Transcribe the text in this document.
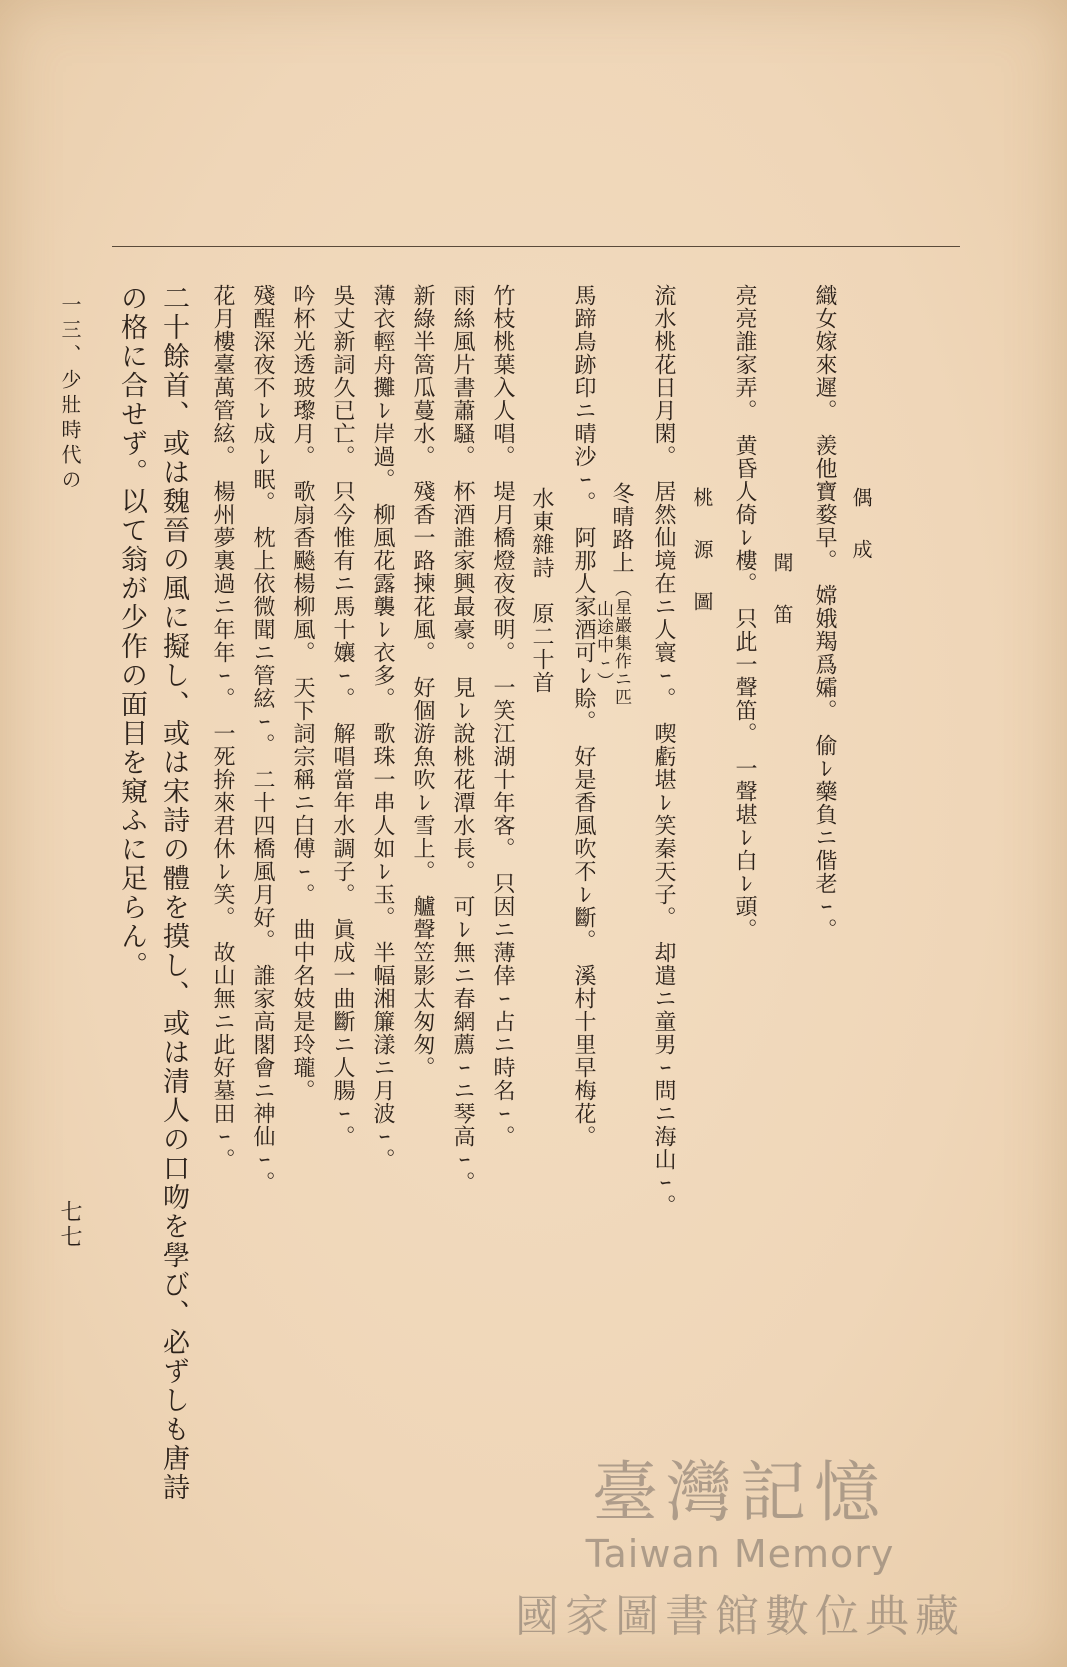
偶　成
織女嫁來遲。　羨他寶婺早。　嫦娥羯爲孀。　偷ﾚ藥負ニ偕老ｰ。
聞　笛
亮亮誰家弄。　黄昏人倚ﾚ樓。　只此一聲笛。　一聲堪ﾚ白ﾚ頭。
桃　源　圖
流水桃花日月閑。　居然仙境在ニ人寰ｰ。　喫虧堪ﾚ笑秦天子。　却遣ニ童男ｰ問ニ海山ｰ。
冬晴路上
（星巖集作ニ匹
山途中ｰ）
馬蹄鳥跡印ニ晴沙ｰ。　阿那人家酒可ﾚ賒。　好是香風吹不ﾚ斷。　溪村十里早梅花。
水東雜詩　原二十首
竹枝桃葉入人唱。　堤月橋燈夜夜明。　一笑江湖十年客。　只因ニ薄倖ｰ占ニ時名ｰ。
雨絲風片書蕭騷。　杯酒誰家興最豪。　見ﾚ說桃花潭水長。　可ﾚ無ニ春網薦ｰニ琴高ｰ。
新綠半篙瓜蔓水。　殘香一路揀花風。　好個游魚吹ﾚ雪上。　艫聲笠影太匆匆。
薄衣輕舟攤ﾚ岸過。　柳風花露襲ﾚ衣多。　歌珠一串人如ﾚ玉。　半幅湘簾漾ニ月波ｰ。
吳丈新詞久已亡。　只今惟有ニ馬十孃ｰ。　解唱當年水調子。　眞成一曲斷ニ人腸ｰ。
吟杯光透玻瓈月。　歌扇香飈楊柳風。　天下詞宗稱ニ白傅ｰ。　曲中名妓是玲瓏。
殘酲深夜不ﾚ成ﾚ眠。　枕上依微聞ニ管絃ｰ。　二十四橋風月好。　誰家高閣會ニ神仙ｰ。
花月樓臺萬管絃。　楊州夢裏過ニ年年ｰ。　一死拚來君休ﾚ笑。　故山無ニ此好墓田ｰ。
二十餘首、或は魏晉の風に擬し、或は宋詩の體を摸し、或は清人の口吻を學び、必ずしも唐詩
の格に合せず。以て翁が少作の面目を窺ふに足らん。
一三、少壯時代の
七七
臺灣記憶
Taiwan Memory
國家圖書館數位典藏
